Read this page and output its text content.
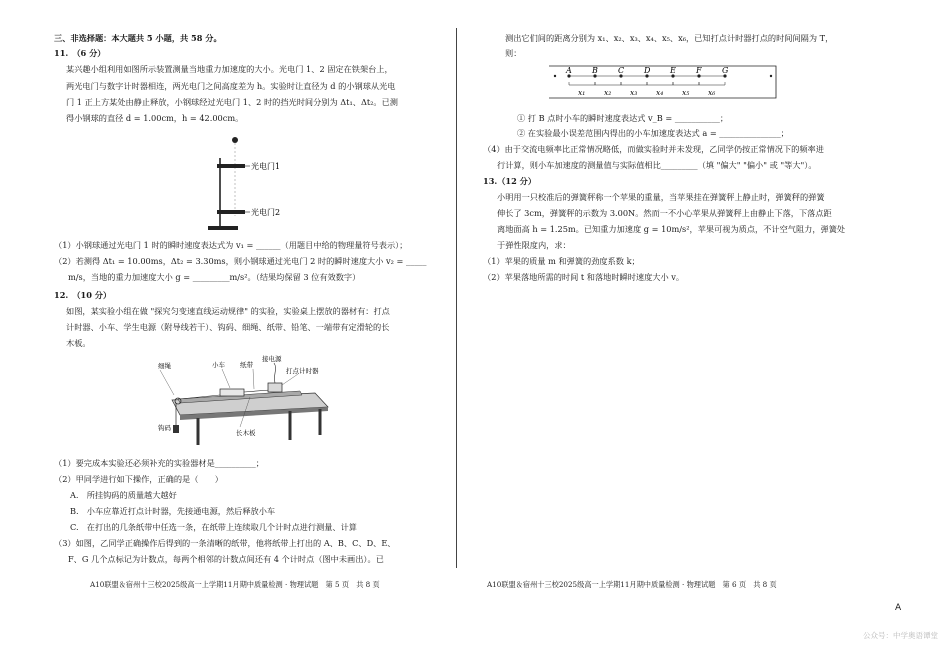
三、非选择题：本大题共 5 小题，共 58 分。
11.　（6 分）
某兴趣小组利用如图所示装置测量当地重力加速度的大小。光电门 1、2 固定在铁架台上，
两光电门与数字计时器相连，两光电门之间高度差为 h。实验时让直径为 d 的小钢球从光电
门 1 正上方某处由静止释放，小钢球经过光电门 1、2 时的挡光时间分别为 Δt₁、Δt₂。已测
得小钢球的直径 d = 1.00cm，h = 42.00cm。
光电门1
光电门2
（1）小钢球通过光电门 1 时的瞬时速度表达式为 v₁ = ______（用题目中给的物理量符号表示）；
（2）若测得 Δt₁ = 10.00ms，Δt₂ = 3.30ms，则小钢球通过光电门 2 时的瞬时速度大小 v₂ = _____
m/s，当地的重力加速度大小 g = _________m/s²。（结果均保留 3 位有效数字）
12.　（10 分）
如图，某实验小组在做 "探究匀变速直线运动规律" 的实验，实验桌上摆放的器材有：打点
计时器、小车、学生电源（附导线若干）、钩码、细绳、纸带、铅笔、一端带有定滑轮的长
木板。
细绳	小车 纸带
接电源
打点计时器
钩码
长木板
（1）要完成本实验还必须补充的实验器材是__________；
（2）甲同学进行如下操作，正确的是（　　）
A.　所挂钩码的质量越大越好
B.　小车应靠近打点计时器，先接通电源，然后释放小车
C.　在打出的几条纸带中任选一条，在纸带上连续取几个计时点进行测量、计算
（3）如图，乙同学正确操作后得到的一条清晰的纸带，他将纸带上打出的 A、B、C、D、E、
F、G 几个点标记为计数点，每两个相邻的计数点间还有 4 个计时点（图中未画出）。已
A10联盟＆宿州十三校2025级高一上学期11月期中质量检测 · 物理试题　第 5 页　共 8 页
测出它们间的距离分别为 x₁、x₂、x₃、x₄、x₅、x₆，已知打点计时器打点的时间间隔为 T，
则：
A	B	C D E	F	G
x₁	x₂	x₃	x₄	x₅	x₆
① 打 B 点时小车的瞬时速度表达式 v_B = ___________；
② 在实验最小误差范围内得出的小车加速度表达式 a = _______________；
（4）由于交流电频率比正常情况略低，而做实验时并未发现，乙同学仍按正常情况下的频率进
行计算，则小车加速度的测量值与实际值相比_________（填 "偏大" "偏小" 或 "等大"）。
13.（12 分）
小明用一只校准后的弹簧秤称一个苹果的重量，当苹果挂在弹簧秤上静止时，弹簧秤的弹簧
伸长了 3cm，弹簧秤的示数为 3.00N。然而一不小心苹果从弹簧秤上由静止下落，下落点距
离地面高 h = 1.25m。已知重力加速度 g = 10m/s²，苹果可视为质点，不计空气阻力，弹簧处
于弹性限度内，求：
（1）苹果的质量 m 和弹簧的劲度系数 k；
（2）苹果落地所需的时间 t 和落地时瞬时速度大小 v。
A10联盟＆宿州十三校2025级高一上学期11月期中质量检测 · 物理试题　第 6 页　共 8 页
A
公众号：中学奥语谭堂
